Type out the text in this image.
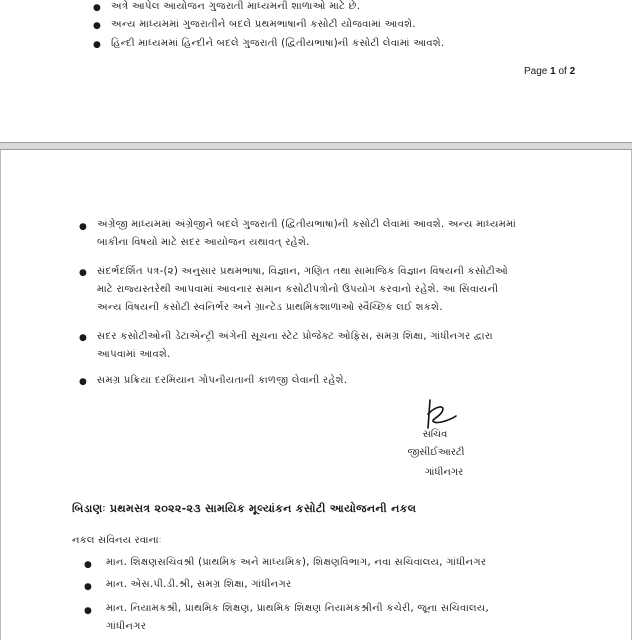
● અત્રે આપેલ આયોજન ગુજરાતી માધ્યમની શાળાઓ માટે છે.
● અન્ય માધ્યમમાં ગુજરાતીને બદલે પ્રથમભાષાની કસોટી યોજવામાં આવશે.
● હિન્દી માધ્યમમાં હિન્દીને બદલે ગુજરાતી (દ્વિતીયભાષા)ની કસોટી લેવામાં આવશે.
Page 1 of 2
● અંગ્રેજી માધ્યમમાં અંગ્રેજીને બદલે ગુજરાતી (દ્વિતીયભાષા)ની કસોટી લેવામાં આવશે. અન્ય માધ્યમમાં
બાકીના વિષયો માટે સદર આયોજન યથાવત્ રહેશે.
● સંદર્ભદર્શિત પત્ર-(૨) અનુસાર પ્રથમભાષા, વિજ્ઞાન, ગણિત તથા સામાજિક વિજ્ઞાન વિષયની કસોટીઓ
માટે રાજ્યસ્તરેથી આપવામાં આવનાર સમાન કસોટીપત્રોનો ઉપયોગ કરવાનો રહેશે. આ સિવાયની
અન્ય વિષયની કસોટી સ્વનિર્ભર અને ગ્રાન્ટેડ પ્રાથમિકશાળાઓ સ્વૈચ્છિક લઈ શકશે.
● સદર કસોટીઓની ડેટાએન્ટ્રી અંગેની સૂચના સ્ટેટ પ્રોજેક્ટ ઓફિસ, સમગ્ર શિક્ષા, ગાંધીનગર દ્વારા
આપવામાં આવશે.
● સમગ્ર પ્રક્રિયા દરમિયાન ગોપનીયતાની કાળજી લેવાની રહેશે.
સચિવ
જીસીઈઆરટી
ગાંધીનગર
બિડાણઃ પ્રથમસત્ર ૨૦૨૨-૨૩ સામયિક મૂલ્યાંકન કસોટી આયોજનની નકલ
નકલ સવિનય રવાનાઃ
● માન. શિક્ષણસચિવશ્રી (પ્રાથમિક અને માધ્યમિક), શિક્ષણવિભાગ, નવા સચિવાલય, ગાંધીનગર
● માન. એસ.પી.ડી.શ્રી, સમગ્ર શિક્ષા, ગાંધીનગર
● માન. નિયામકશ્રી, પ્રાથમિક શિક્ષણ, પ્રાથમિક શિક્ષણ નિયામકશ્રીની કચેરી, જૂના સચિવાલય,
ગાંધીનગર
